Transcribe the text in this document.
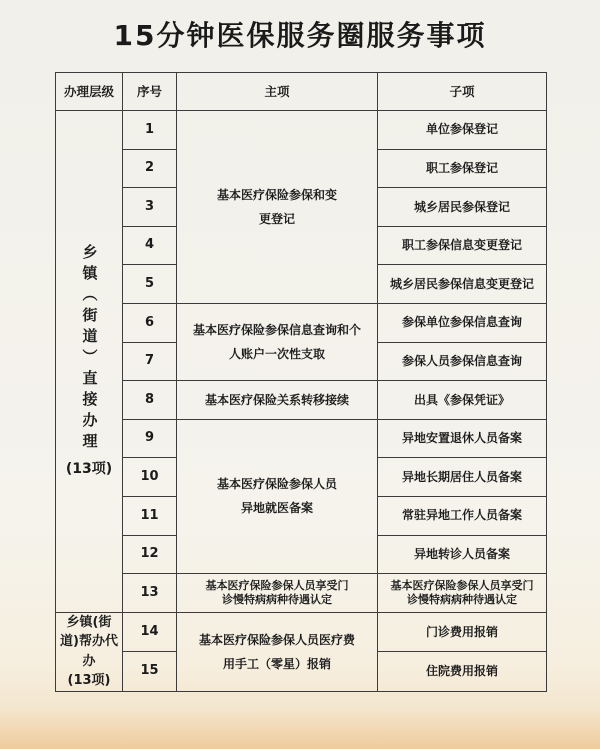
15分钟医保服务圈服务事项
办理层级	序号	主项	子项

乡镇（街道）直接办理
(13项)	1	基本医疗保险参保和变更登记	单位参保登记
	2		职工参保登记
	3		城乡居民参保登记
	4		职工参保信息变更登记
	5		城乡居民参保信息变更登记
	6	基本医疗保险参保信息查询和个人账户一次性支取	参保单位参保信息查询
	7		参保人员参保信息查询
	8	基本医疗保险关系转移接续	出具《参保凭证》
	9	基本医疗保险参保人员异地就医备案	异地安置退休人员备案
	10		异地长期居住人员备案
	11		常驻异地工作人员备案
	12		异地转诊人员备案
	13	基本医疗保险参保人员享受门诊慢特病病种待遇认定	基本医疗保险参保人员享受门诊慢特病病种待遇认定

乡镇(街道)帮办代办
(13项)	14	基本医疗保险参保人员医疗费用手工（零星）报销	门诊费用报销
	15		住院费用报销
